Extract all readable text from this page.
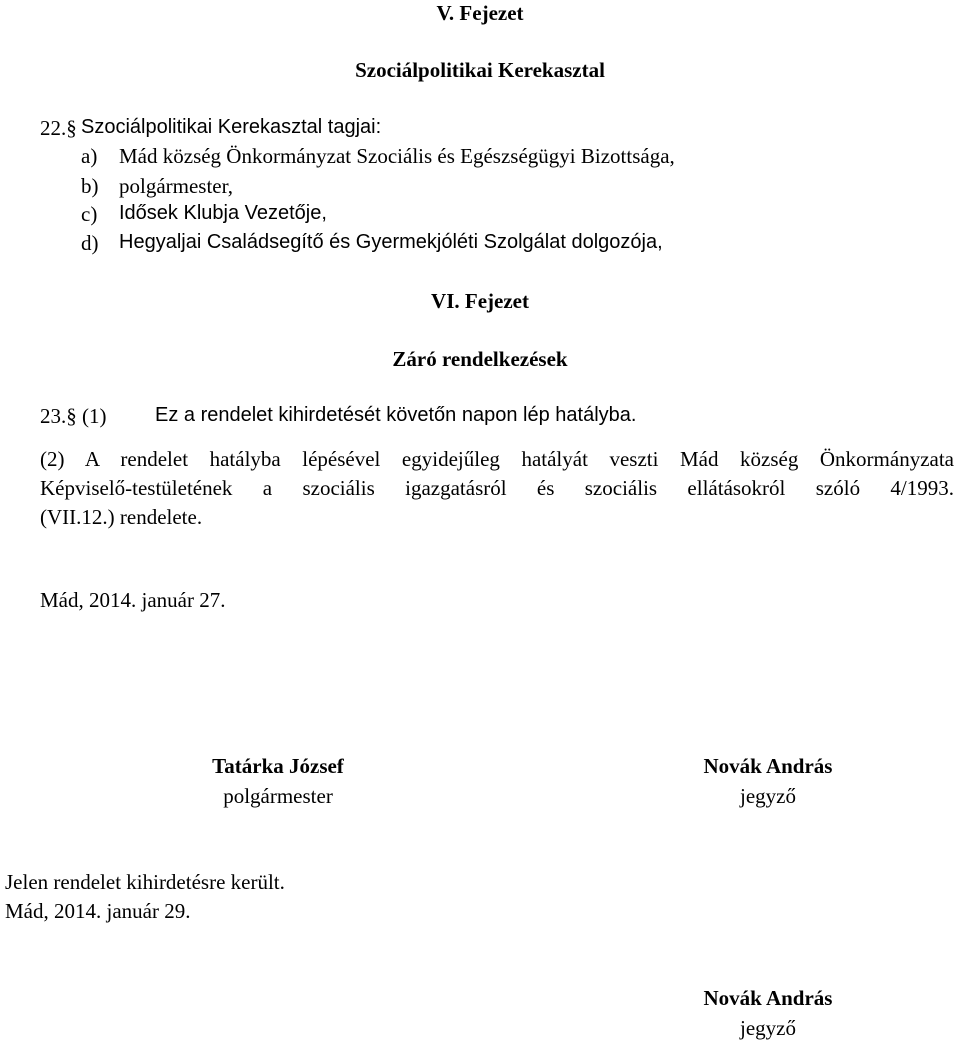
V. Fejezet
Szociálpolitikai Kerekasztal
22.§ Szociálpolitikai Kerekasztal tagjai:
a) Mád község Önkormányzat Szociális és Egészségügyi Bizottsága,
b) polgármester,
c) Idősek Klubja Vezetője,
d) Hegyaljai Családsegítő és Gyermekjóléti Szolgálat dolgozója,
VI. Fejezet
Záró rendelkezések
23.§ (1) Ez a rendelet kihirdetését követőn napon lép hatályba.
(2) A rendelet hatályba lépésével egyidejűleg hatályát veszti Mád község Önkormányzata
Képviselő-testületének a szociális igazgatásról és szociális ellátásokról szóló 4/1993.
(VII.12.) rendelete.
Mád, 2014. január 27.
Tatárka József
polgármester
Novák András
jegyző
Jelen rendelet kihirdetésre került.
Mád, 2014. január 29.
Novák András
jegyző
